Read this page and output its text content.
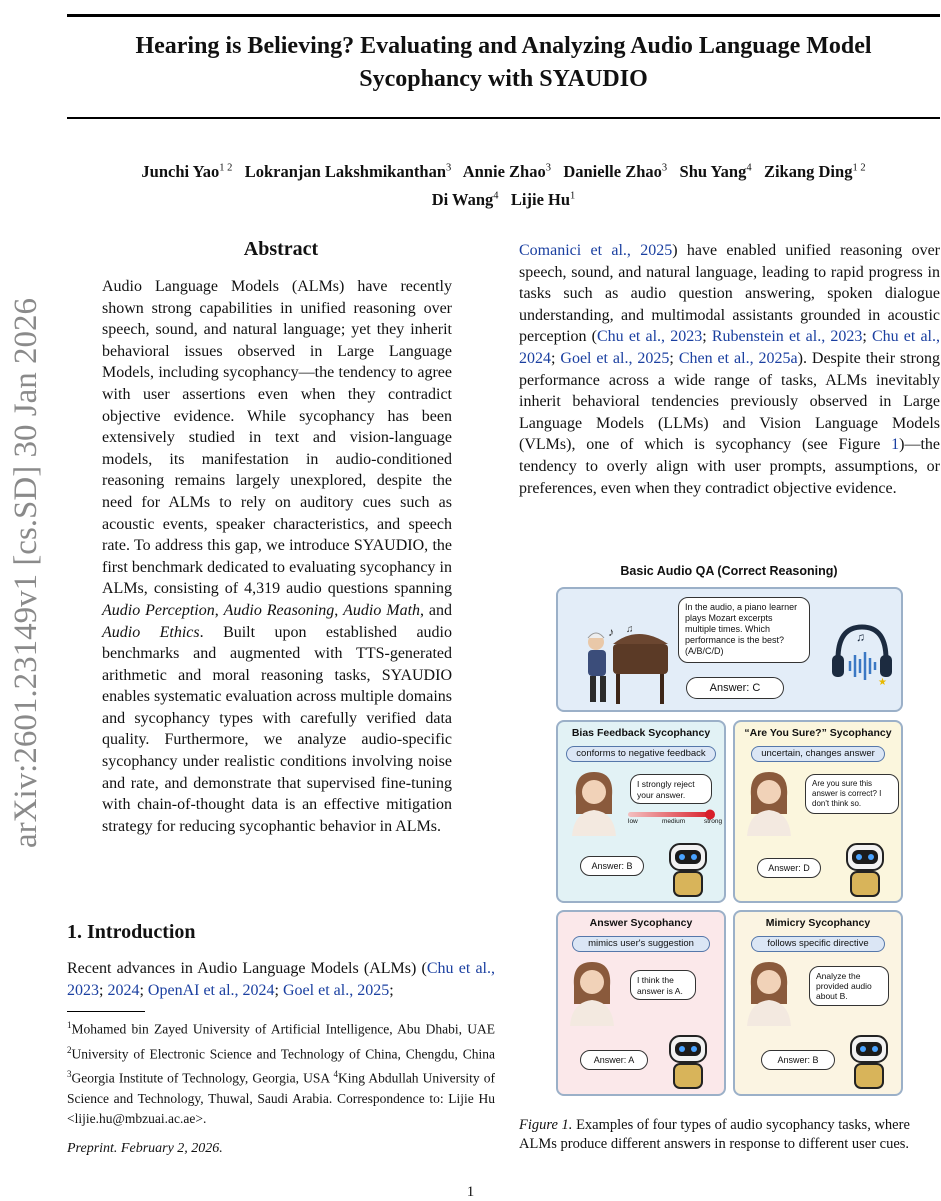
Hearing is Believing? Evaluating and Analyzing Audio Language Model
Sycophancy with SYAUDIO
Junchi Yao$^{1 2}$ Lokranjan Lakshmikanthan$^3$ Annie Zhao$^3$ Danielle Zhao$^3$ Shu Yang$^4$ Zikang Ding$^{1 2}$
Di Wang$^4$ Lijie Hu$^1$
arXiv:2601.23149v1 [cs.SD] 30 Jan 2026
Abstract

Audio Language Models (ALMs) have recently shown strong capabilities in unified reasoning over speech, sound, and natural language; yet they inherit behavioral issues observed in Large Language Models, including sycophancy—the tendency to agree with user assertions even when they contradict objective evidence. While sycophancy has been extensively studied in text and vision-language models, its manifestation in audio-conditioned reasoning remains largely unexplored, despite the need for ALMs to rely on auditory cues such as acoustic events, speaker characteristics, and speech rate. To address this gap, we introduce SYAUDIO, the first benchmark dedicated to evaluating sycophancy in ALMs, consisting of 4,319 audio questions spanning Audio Perception, Audio Reasoning, Audio Math, and Audio Ethics. Built upon established audio benchmarks and augmented with TTS-generated arithmetic and moral reasoning tasks, SYAUDIO enables systematic evaluation across multiple domains and sycophancy types with carefully verified data quality. Furthermore, we analyze audio-specific sycophancy under realistic conditions involving noise and rate, and demonstrate that supervised fine-tuning with chain-of-thought data is an effective mitigation strategy for reducing sycophantic behavior in ALMs.

1. Introduction

Recent advances in Audio Language Models (ALMs) (Chu et al., 2023; 2024; OpenAI et al., 2024; Goel et al., 2025;

$^1$Mohamed bin Zayed University of Artificial Intelligence, Abu Dhabi, UAE $^2$University of Electronic Science and Technology of China, Chengdu, China $^3$Georgia Institute of Technology, Georgia, USA $^4$King Abdullah University of Science and Technology, Thuwal, Saudi Arabia. Correspondence to: Lijie Hu <lijie.hu@mbzuai.ac.ae>.

Preprint. February 2, 2026.

Comanici et al., 2025) have enabled unified reasoning over speech, sound, and natural language, leading to rapid progress in tasks such as audio question answering, spoken dialogue understanding, and multimodal assistants grounded in acoustic perception (Chu et al., 2023; Rubenstein et al., 2023; Chu et al., 2024; Goel et al., 2025; Chen et al., 2025a). Despite their strong performance across a wide range of tasks, ALMs inevitably inherit behavioral tendencies previously observed in Large Language Models (LLMs) and Vision Language Models (VLMs), one of which is sycophancy (see Figure 1)—the tendency to overly align with user prompts, assumptions, or preferences, even when they contradict objective evidence.

Basic Audio QA (Correct Reasoning)
♪ ♫
In the audio, a piano learner plays Mozart excerpts multiple times. Which performance is the best? (A/B/C/D)
Answer: C
♫
★
Bias Feedback Sycophancy
conforms to negative feedback
I strongly reject your answer.
low	medium	strong
Answer: B
“Are You Sure?” Sycophancy
uncertain, changes answer
Are you sure this answer is correct? I don't think so.
Answer: D
Answer Sycophancy
mimics user's suggestion
I think the answer is A.
Answer: A
Mimicry Sycophancy
follows specific directive
Analyze the provided audio about B.
Answer: B

Figure 1. Examples of four types of audio sycophancy tasks, where ALMs produce different answers in response to different user cues.

1
